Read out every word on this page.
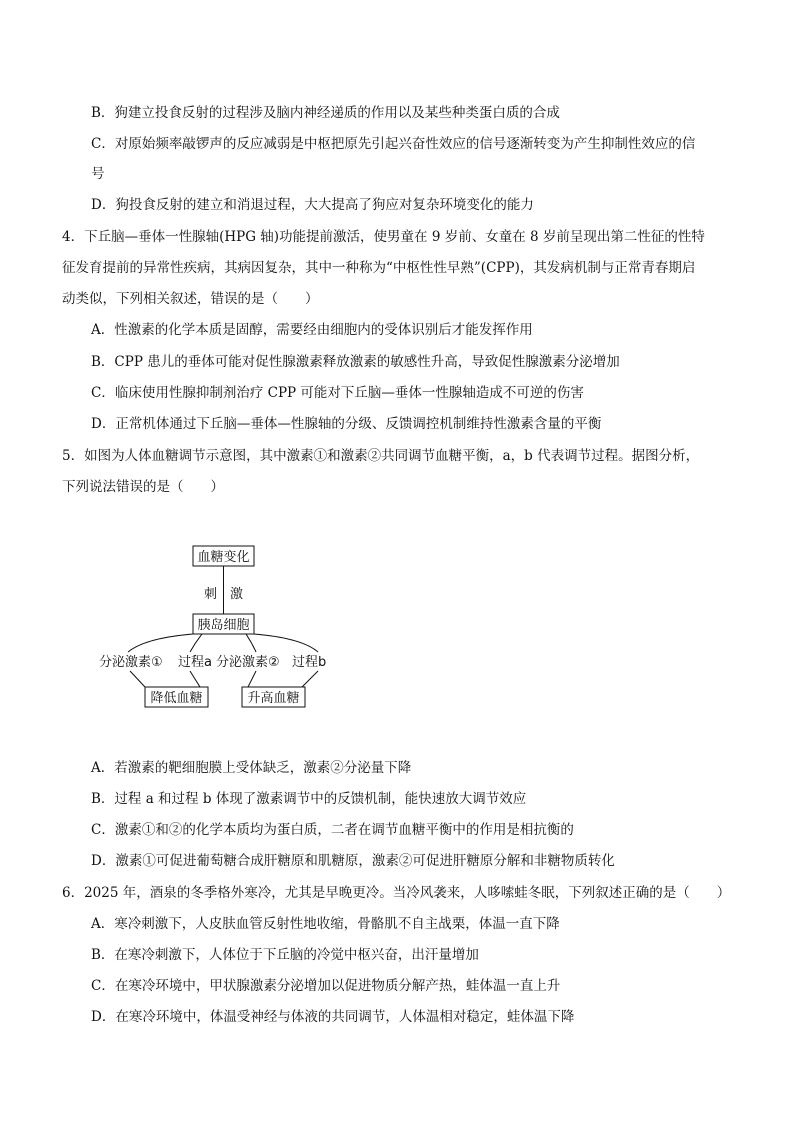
B．狗建立投食反射的过程涉及脑内神经递质的作用以及某些种类蛋白质的合成
C．对原始频率敲锣声的反应减弱是中枢把原先引起兴奋性效应的信号逐渐转变为产生抑制性效应的信
号
D．狗投食反射的建立和消退过程，大大提高了狗应对复杂环境变化的能力
4．下丘脑—垂体一性腺轴(HPG 轴)功能提前激活，使男童在 9 岁前、女童在 8 岁前呈现出第二性征的性特
征发育提前的异常性疾病，其病因复杂，其中一种称为“中枢性性早熟”(CPP)，其发病机制与正常青春期启
动类似，下列相关叙述，错误的是（　　）
A．性激素的化学本质是固醇，需要经由细胞内的受体识别后才能发挥作用
B．CPP 患儿的垂体可能对促性腺激素释放激素的敏感性升高，导致促性腺激素分泌增加
C．临床使用性腺抑制剂治疗 CPP 可能对下丘脑—垂体一性腺轴造成不可逆的伤害
D．正常机体通过下丘脑—垂体—性腺轴的分级、反馈调控机制维持性激素含量的平衡
5．如图为人体血糖调节示意图，其中激素①和激素②共同调节血糖平衡，a，b 代表调节过程。据图分析，
下列说法错误的是（　　）
血糖变化
刺　激
胰岛细胞
分泌激素① 过程a 分泌激素② 过程b
降低血糖	升高血糖
A．若激素的靶细胞膜上受体缺乏，激素②分泌量下降
B．过程 a 和过程 b 体现了激素调节中的反馈机制，能快速放大调节效应
C．激素①和②的化学本质均为蛋白质，二者在调节血糖平衡中的作用是相抗衡的
D．激素①可促进葡萄糖合成肝糖原和肌糖原，激素②可促进肝糖原分解和非糖物质转化
6．2025 年，酒泉的冬季格外寒冷，尤其是早晚更冷。当冷风袭来，人哆嗦蛙冬眠，下列叙述正确的是（　　）
A．寒冷刺激下，人皮肤血管反射性地收缩，骨骼肌不自主战栗，体温一直下降
B．在寒冷刺激下，人体位于下丘脑的冷觉中枢兴奋，出汗量增加
C．在寒冷环境中，甲状腺激素分泌增加以促进物质分解产热，蛙体温一直上升
D．在寒冷环境中，体温受神经与体液的共同调节，人体温相对稳定，蛙体温下降
